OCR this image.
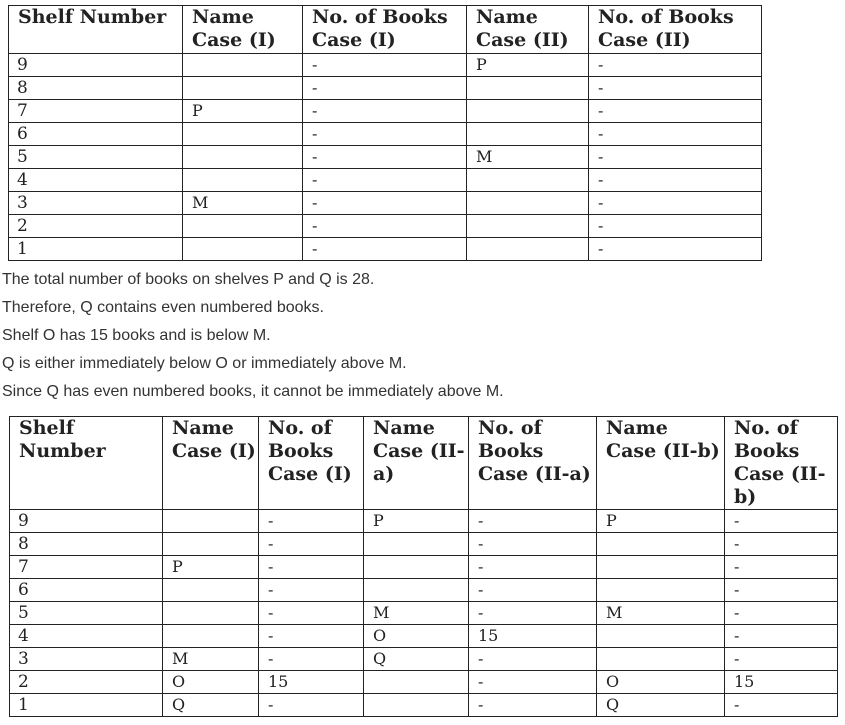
Shelf Number	Name Case (I)	No. of Books Case (I)	Name Case (II)	No. of Books Case (II)
9		-	P	-
8		-		-
7	P	-		-
6		-		-
5		-	M	-
4		-		-
3	M	-		-
2		-		-
1		-		-

The total number of books on shelves P and Q is 28.

Therefore, Q contains even numbered books.

Shelf O has 15 books and is below M.

Q is either immediately below O or immediately above M.

Since Q has even numbered books, it cannot be immediately above M.

Shelf Number	Name Case (I)	No. of Books Case (I)	Name Case (II-a)	No. of Books Case (II-a)	Name Case (II-b)	No. of Books Case (II-b)
9		-	P	-	P	-
8		-		-		-
7	P	-		-		-
6		-		-		-
5		-	M	-	M	-
4		-	O	15		-
3	M	-	Q	-		-
2	O	15		-	O	15
1	Q	-		-	Q	-
